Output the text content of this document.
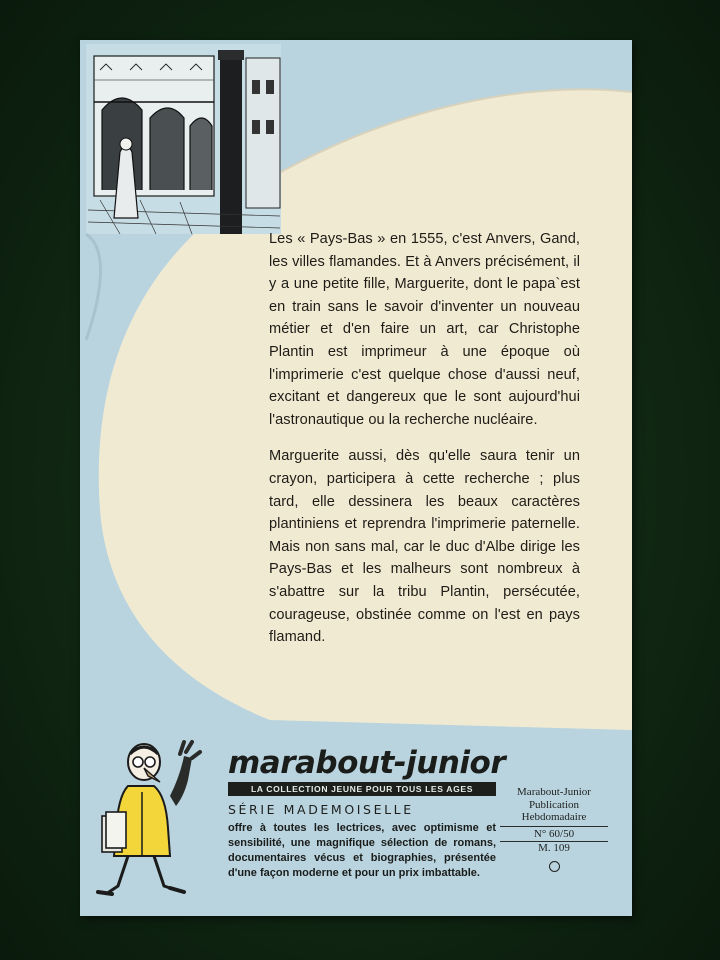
Les « Pays-Bas » en 1555, c'est Anvers, Gand, les villes flamandes. Et à Anvers précisément, il y a une petite fille, Marguerite, dont le papa`est en train sans le savoir d'inventer un nouveau métier et d'en faire un art, car Christophe Plantin est imprimeur à une époque où l'imprimerie c'est quelque chose d'aussi neuf, excitant et dangereux que le sont aujourd'hui l'astronautique ou la recherche nucléaire.

Marguerite aussi, dès qu'elle saura tenir un crayon, participera à cette recherche ; plus tard, elle dessinera les beaux caractères plantiniens et reprendra l'imprimerie paternelle. Mais non sans mal, car le duc d'Albe dirige les Pays-Bas et les malheurs sont nombreux à s'abattre sur la tribu Plantin, persécutée, courageuse, obstinée comme on l'est en pays flamand.

marabout-junior
LA COLLECTION JEUNE POUR TOUS LES AGES
SÉRIE MADEMOISELLE
offre à toutes les lectrices, avec optimisme et sensibilité, une magnifique sélection de romans, documentaires vécus et biographies, présentée d'une façon moderne et pour un prix imbattable.
Marabout-Junior
Publication
Hebdomadaire
N° 60/50
M. 109
